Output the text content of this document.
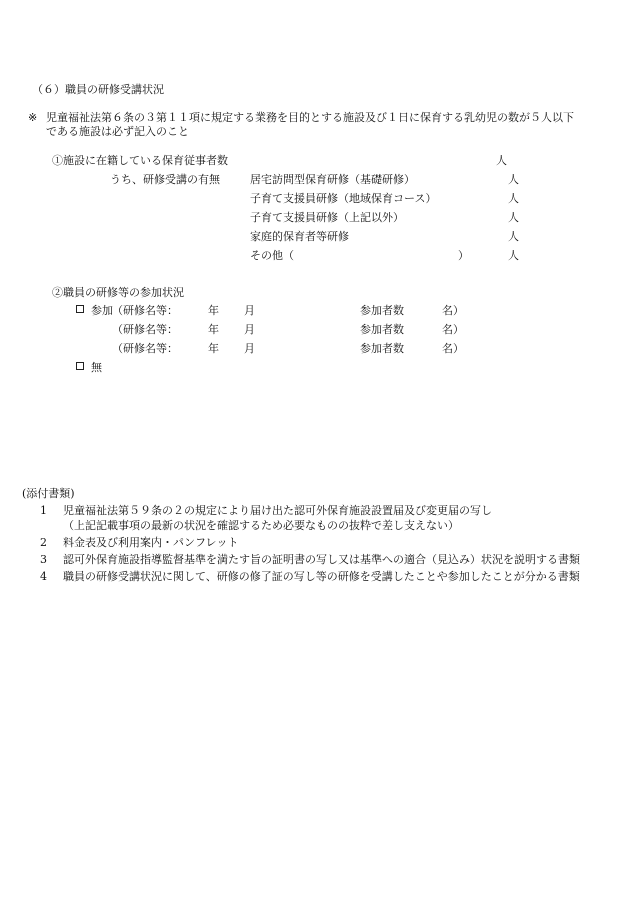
（６）職員の研修受講状況
※ 児童福祉法第６条の３第１１項に規定する業務を目的とする施設及び１日に保育する乳幼児の数が５人以下
である施設は必ず記入のこと
①施設に在籍している保育従事者数	人
うち、研修受講の有無	居宅訪問型保育研修（基礎研修）	人
子育て支援員研修（地域保育コース）	人
子育て支援員研修（上記以外）	人
家庭的保育者等研修	人
その他（	）	人
②職員の研修等の参加状況
参加 （研修名等：	年 月	参加者数	名）
（研修名等：	年 月	参加者数	名）
（研修名等：	年 月	参加者数	名）
無
(添付書類)
1 児童福祉法第５９条の２の規定により届け出た認可外保育施設設置届及び変更届の写し
（上記記載事項の最新の状況を確認するため必要なものの抜粋で差し支えない）
2 料金表及び利用案内・パンフレット
3 認可外保育施設指導監督基準を満たす旨の証明書の写し又は基準への適合（見込み）状況を説明する書類
4 職員の研修受講状況に関して、研修の修了証の写し等の研修を受講したことや参加したことが分かる書類
